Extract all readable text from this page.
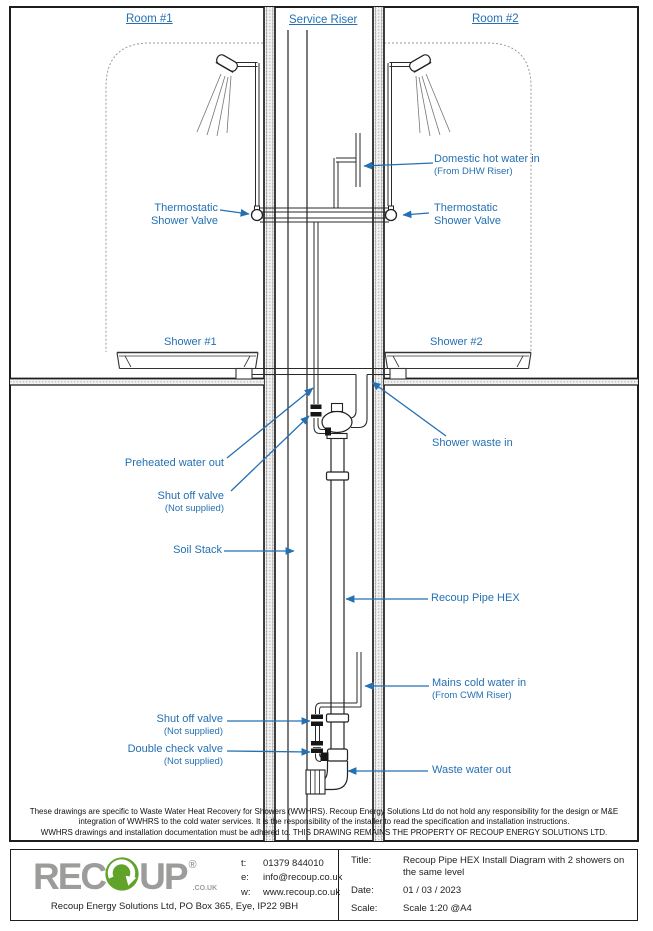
Room #1	Service Riser	Room #2
Domestic hot water in
(From DHW Riser)
Thermostatic
Shower Valve
Thermostatic
Shower Valve
Shower #1	Shower #2
Shower waste in
Preheated water out
Shut off valve
(Not supplied)
Soil Stack
Recoup Pipe HEX
Mains cold water in
(From CWM Riser)
Shut off valve
(Not supplied)
Double check valve
(Not supplied)
Waste water out
These drawings are specific to Waste Water Heat Recovery for Showers (WWHRS). Recoup Energy Solutions Ltd do not hold any responsibility for the design or M&E
integration of WWHRS to the cold water services. It is the responsibility of the installer to read the specification and installation instructions.
WWHRS drawings and installation documentation must be adhered to. THIS DRAWING REMAINS THE PROPERTY OF RECOUP ENERGY SOLUTIONS LTD.
REC UP ®
.CO.UK
t:	01379 844010
e:	info@recoup.co.uk
w:	www.recoup.co.uk
Recoup Energy Solutions Ltd, PO Box 365, Eye, IP22 9BH
Title:	Recoup Pipe HEX Install Diagram with 2 showers on the same level
Date:	01 / 03 / 2023
Scale:	Scale 1:20 @A4
